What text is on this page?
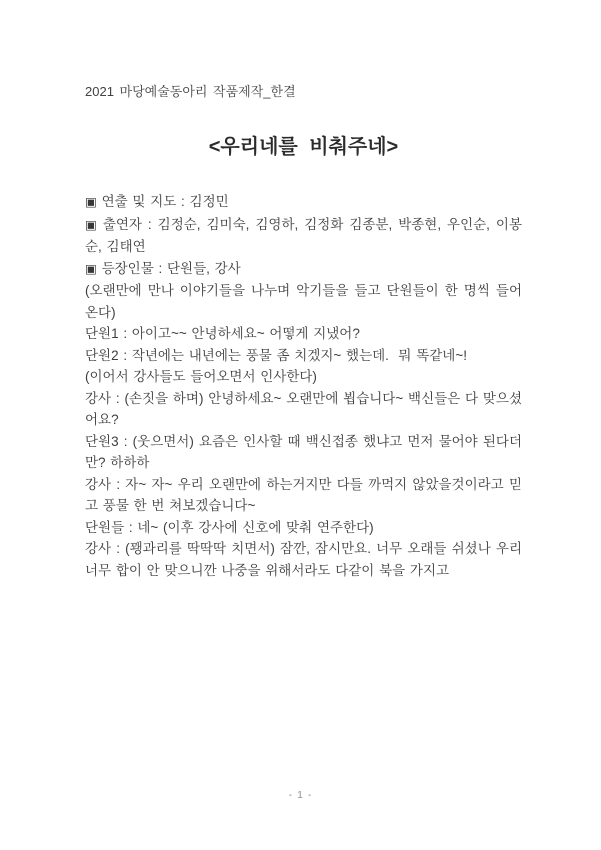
2021 마당예술동아리 작품제작_한결

<우리네를 비춰주네>

▣ 연출 및 지도 : 김정민

▣ 출연자 : 김정순, 김미숙, 김영하, 김정화 김종분, 박종현, 우인순, 이봉순, 김태연

▣ 등장인물 : 단원들, 강사

(오랜만에 만나 이야기들을 나누며 악기들을 들고 단원들이 한 명씩 들어온다)

단원1 : 아이고~~ 안녕하세요~ 어떻게 지냈어?

단원2 : 작년에는 내년에는 풍물 좀 치겠지~ 했는데.  뭐 똑같네~!

(이어서 강사들도 들어오면서 인사한다)

강사 : (손짓을 하며) 안녕하세요~ 오랜만에 뵙습니다~ 백신들은 다 맞으셨어요?

단원3 : (웃으면서) 요즘은 인사할 때 백신접종 했냐고 먼저 물어야 된다더만? 하하하

강사 : 자~ 자~ 우리 오랜만에 하는거지만 다들 까먹지 않았을것이라고 믿고 풍물 한 번 쳐보겠습니다~

단원들 : 네~ (이후 강사에 신호에 맞춰 연주한다)

강사 : (꽹과리를 딱딱딱 치면서) 잠깐, 잠시만요. 너무 오래들 쉬셨나 우리 너무 합이 안 맞으니깐 나중을 위해서라도 다같이 북을 가지고

- 1 -
